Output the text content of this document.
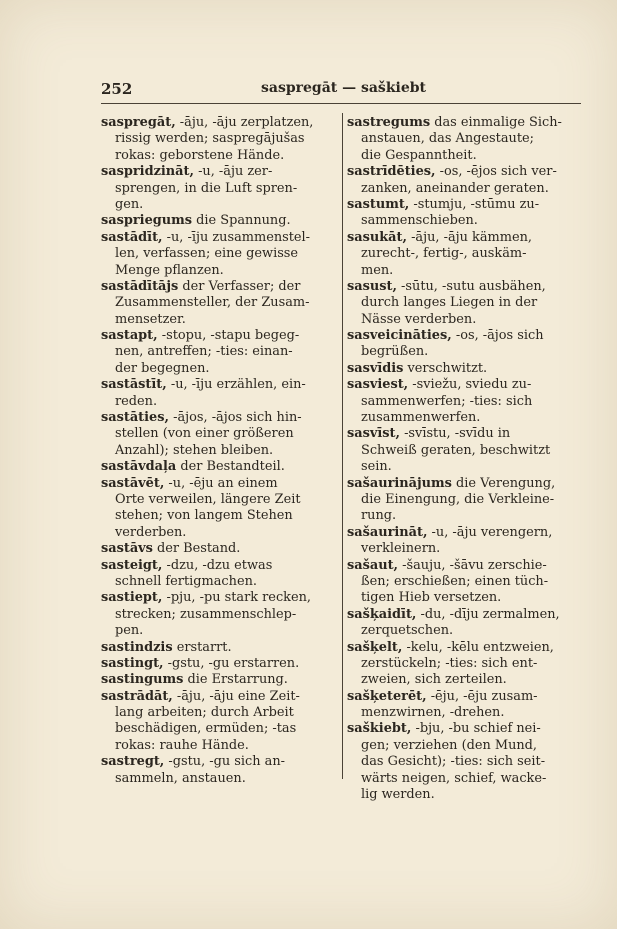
252	saspregāt — saškiebt
saspregāt, -āju, -āju zerplatzen,
rissig werden; saspregājušas
rokas: geborstene Hände.
saspridzināt, -u, -āju zer-
sprengen, in die Luft spren-
gen.
saspriegums die Spannung.
sastādīt, -u, -īju zusammenstel-
len, verfassen; eine gewisse
Menge pflanzen.
sastādītājs der Verfasser; der
Zusammensteller, der Zusam-
mensetzer.
sastapt, -stopu, -stapu begeg-
nen, antreffen; -ties: einan-
der begegnen.
sastāstīt, -u, -īju erzählen, ein-
reden.
sastāties, -ājos, -ājos sich hin-
stellen (von einer größeren
Anzahl); stehen bleiben.
sastāvdaļa der Bestandteil.
sastāvēt, -u, -ēju an einem
Orte verweilen, längere Zeit
stehen; von langem Stehen
verderben.
sastāvs der Bestand.
sasteigt, -dzu, -dzu etwas
schnell fertigmachen.
sastiept, -pju, -pu stark recken,
strecken; zusammenschlep-
pen.
sastindzis erstarrt.
sastingt, -gstu, -gu erstarren.
sastingums die Erstarrung.
sastrādāt, -āju, -āju eine Zeit-
lang arbeiten; durch Arbeit
beschädigen, ermüden; -tas
rokas: rauhe Hände.
sastregt, -gstu, -gu sich an-
sammeln, anstauen.
sastregums das einmalige Sich-
anstauen, das Angestaute;
die Gespanntheit.
sastrīdēties, -os, -ējos sich ver-
zanken, aneinander geraten.
sastumt, -stumju, -stūmu zu-
sammenschieben.
sasukāt, -āju, -āju kämmen,
zurecht-, fertig-, auskäm-
men.
sasust, -sūtu, -sutu ausbähen,
durch langes Liegen in der
Nässe verderben.
sasveicināties, -os, -ājos sich
begrüßen.
sasvīdis verschwitzt.
sasviest, -sviežu, sviedu zu-
sammenwerfen; -ties: sich
zusammenwerfen.
sasvīst, -svīstu, -svīdu in
Schweiß geraten, beschwitzt
sein.
sašaurinājums die Verengung,
die Einengung, die Verkleine-
rung.
sašaurināt, -u, -āju verengern,
verkleinern.
sašaut, -šauju, -šāvu zerschie-
ßen; erschießen; einen tüch-
tigen Hieb versetzen.
sašķaidīt, -du, -dīju zermalmen,
zerquetschen.
sašķelt, -kelu, -kēlu entzweien,
zerstückeln; -ties: sich ent-
zweien, sich zerteilen.
sašķeterēt, -ēju, -ēju zusam-
menzwirnen, -drehen.
saškiebt, -bju, -bu schief nei-
gen; verziehen (den Mund,
das Gesicht); -ties: sich seit-
wärts neigen, schief, wacke-
lig werden.
